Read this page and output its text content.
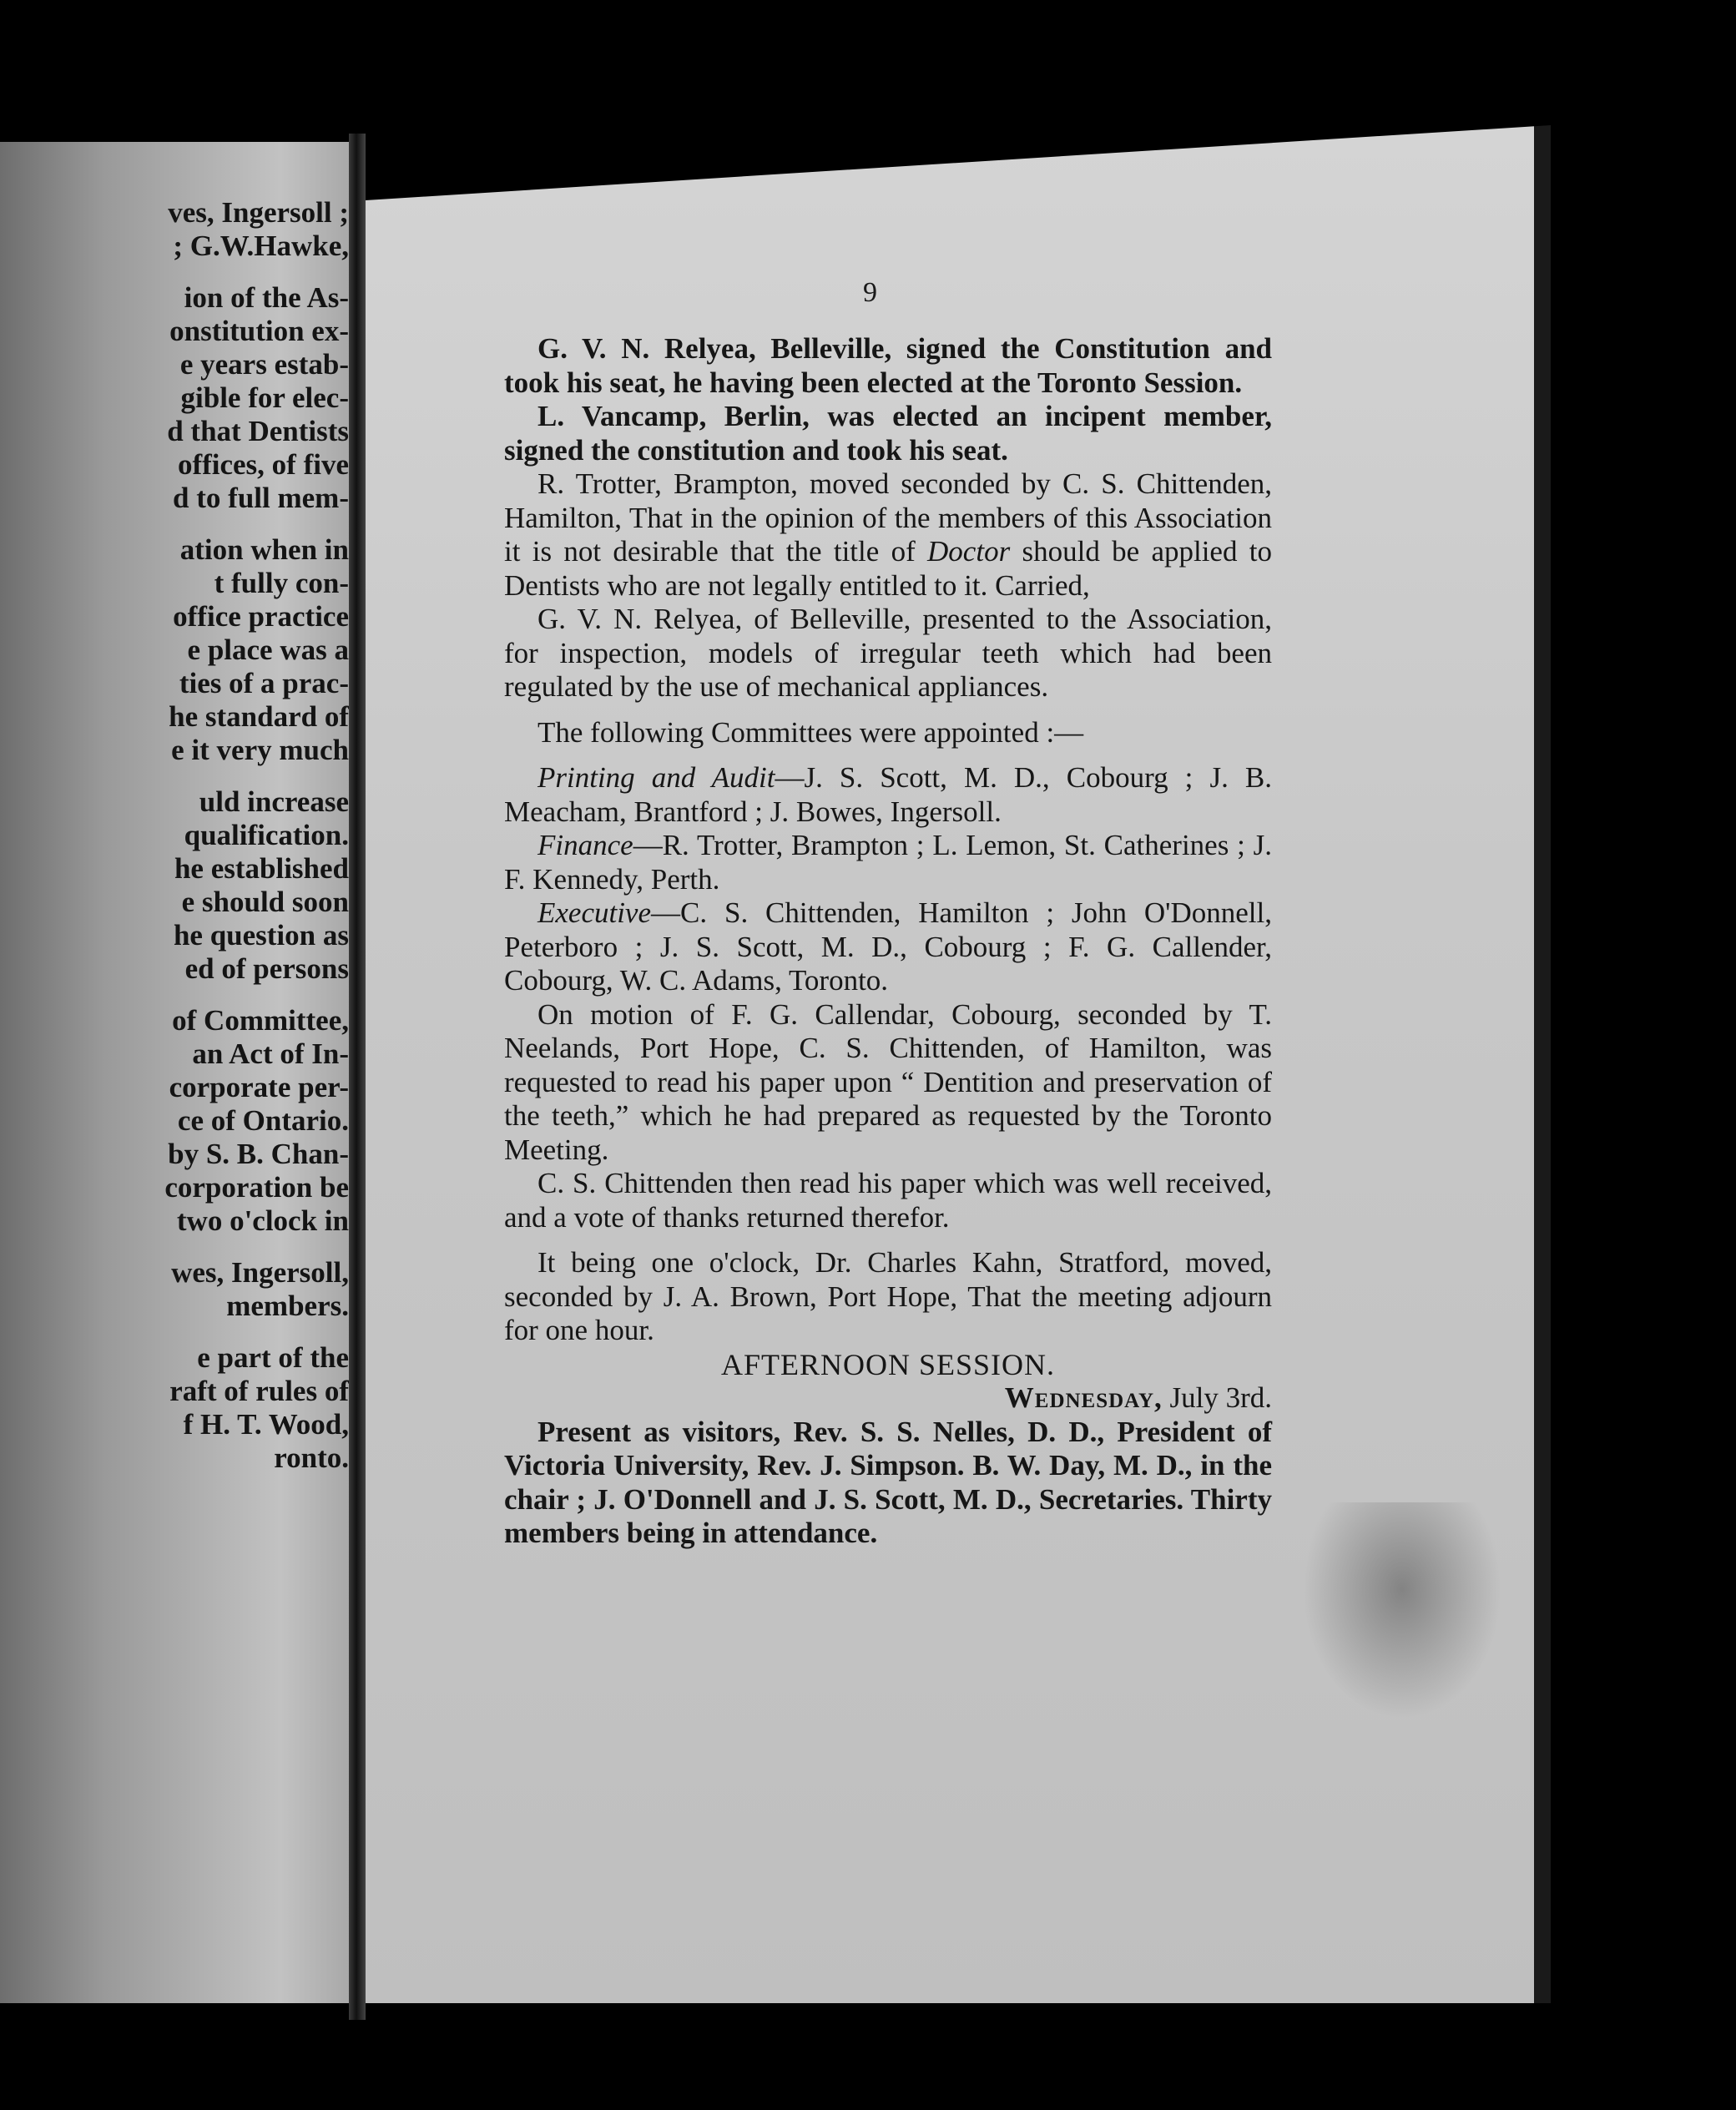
ves, Ingersoll ;
; G.W.Hawke,
ion of the As-
onstitution ex-
e years estab-
gible for elec-
d that Dentists
offices, of five
d to full mem-
ation when in
t fully con-
office practice
e place was a
ties of a prac-
he standard of
e it very much
uld increase
qualification.
he established
e should soon
he question as
ed of persons
of Committee,
an Act of In-
corporate per-
ce of Ontario.
by S. B. Chan-
corporation be
two o'clock in
wes, Ingersoll,
members.
e part of the
raft of rules of
f H. T. Wood,
ronto.
9

G. V. N. Relyea, Belleville, signed the Constitution and took his seat, he having been elected at the Toronto Session.

L. Vancamp, Berlin, was elected an incipent member, signed the constitution and took his seat.

R. Trotter, Brampton, moved seconded by C. S. Chittenden, Hamilton, That in the opinion of the members of this Association it is not desirable that the title of Doctor should be applied to Dentists who are not legally entitled to it. Carried,

G. V. N. Relyea, of Belleville, presented to the Association, for inspection, models of irregular teeth which had been regulated by the use of mechanical appliances.

The following Committees were appointed :—

Printing and Audit—J. S. Scott, M. D., Cobourg ; J. B. Meacham, Brantford ; J. Bowes, Ingersoll.

Finance—R. Trotter, Brampton ; L. Lemon, St. Catherines ; J. F. Kennedy, Perth.

Executive—C. S. Chittenden, Hamilton ; John O'Donnell, Peterboro ; J. S. Scott, M. D., Cobourg ; F. G. Callender, Cobourg, W. C. Adams, Toronto.

On motion of F. G. Callendar, Cobourg, seconded by T. Neelands, Port Hope, C. S. Chittenden, of Hamilton, was requested to read his paper upon “ Dentition and preservation of the teeth,” which he had prepared as requested by the Toronto Meeting.

C. S. Chittenden then read his paper which was well received, and a vote of thanks returned therefor.

It being one o'clock, Dr. Charles Kahn, Stratford, moved, seconded by J. A. Brown, Port Hope, That the meeting adjourn for one hour.

AFTERNOON SESSION.

Wednesday, July 3rd.

Present as visitors, Rev. S. S. Nelles, D. D., President of Victoria University, Rev. J. Simpson. B. W. Day, M. D., in the chair ; J. O'Donnell and J. S. Scott, M. D., Secretaries. Thirty members being in attendance.
